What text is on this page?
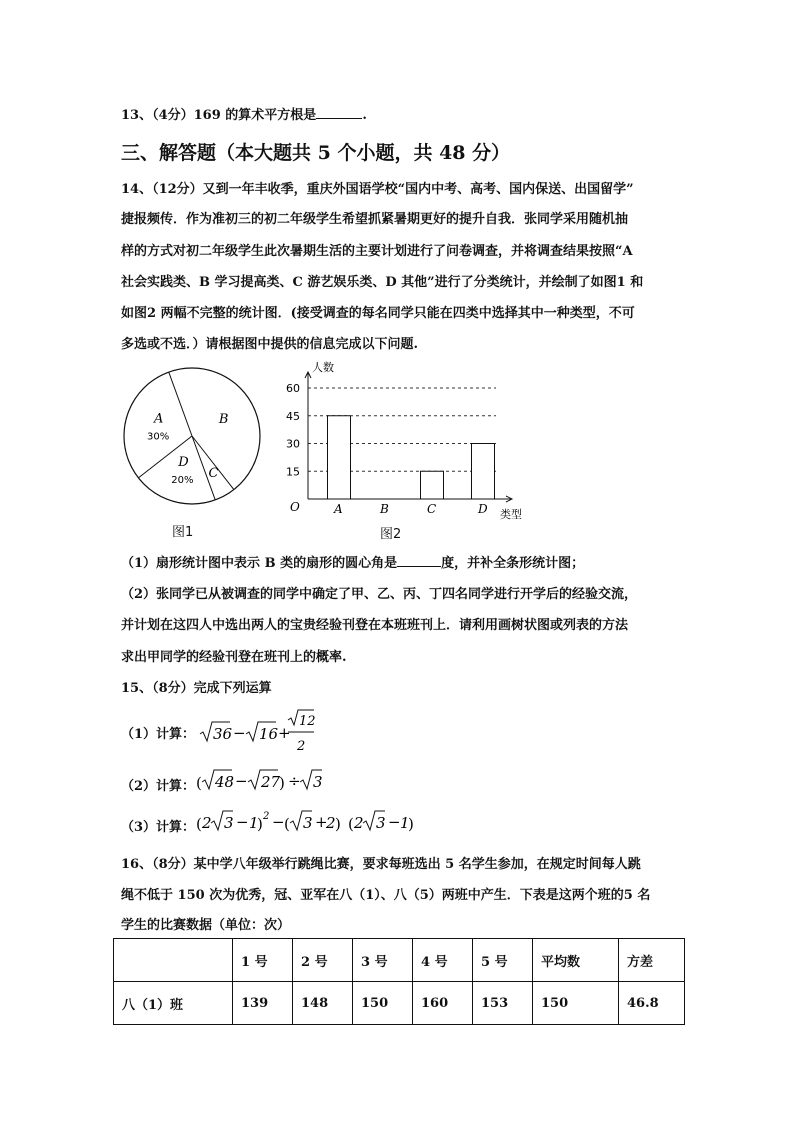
13、（4分）169 的算术平方根是	.
三、解答题（本大题共 5 个小题，共 48 分）
14、（12分）又到一年丰收季，重庆外国语学校“国内中考、高考、国内保送、出国留学”
捷报频传．作为准初三的初二年级学生希望抓紧暑期更好的提升自我．张同学采用随机抽
样的方式对初二年级学生此次暑期生活的主要计划进行了问卷调查，并将调查结果按照“A
社会实践类、B 学习提高类、C 游艺娱乐类、D 其他”进行了分类统计，并绘制了如图1 和
如图2 两幅不完整的统计图．(接受调查的每名同学只能在四类中选择其中一种类型，不可
多选或不选．）请根据图中提供的信息完成以下问题.
A
30%
B
C
D
20%
图1
15
30
45
60
人数
类型
O	A	B	C	D
图2
（1）扇形统计图中表示 B 类的扇形的圆心角是	度，并补全条形统计图；
（2）张同学已从被调查的同学中确定了甲、乙、丙、丁四名同学进行开学后的经验交流，
并计划在这四人中选出两人的宝贵经验刊登在本班班刊上．请利用画树状图或列表的方法
求出甲同学的经验刊登在班刊上的概率.
15、（8分）完成下列运算
（1）计算： 36 − 16 +
12
2
（2）计算： ( 48 − 27
) ÷ 3
（3）计算： ( 2 3 − 1
) 2 − ( 3 +
2 ) ( 2 3 − 1
)
16、（8分）某中学八年级举行跳绳比赛，要求每班选出 5 名学生参加，在规定时间每人跳
绳不低于 150 次为优秀，冠、亚军在八（1）、八（5）两班中产生．下表是这两个班的5 名
学生的比赛数据（单位：次）
	1 号	2 号	3 号	4 号	5 号	平均数	方差
八（1）班	139	148	150	160	153	150	46.8
